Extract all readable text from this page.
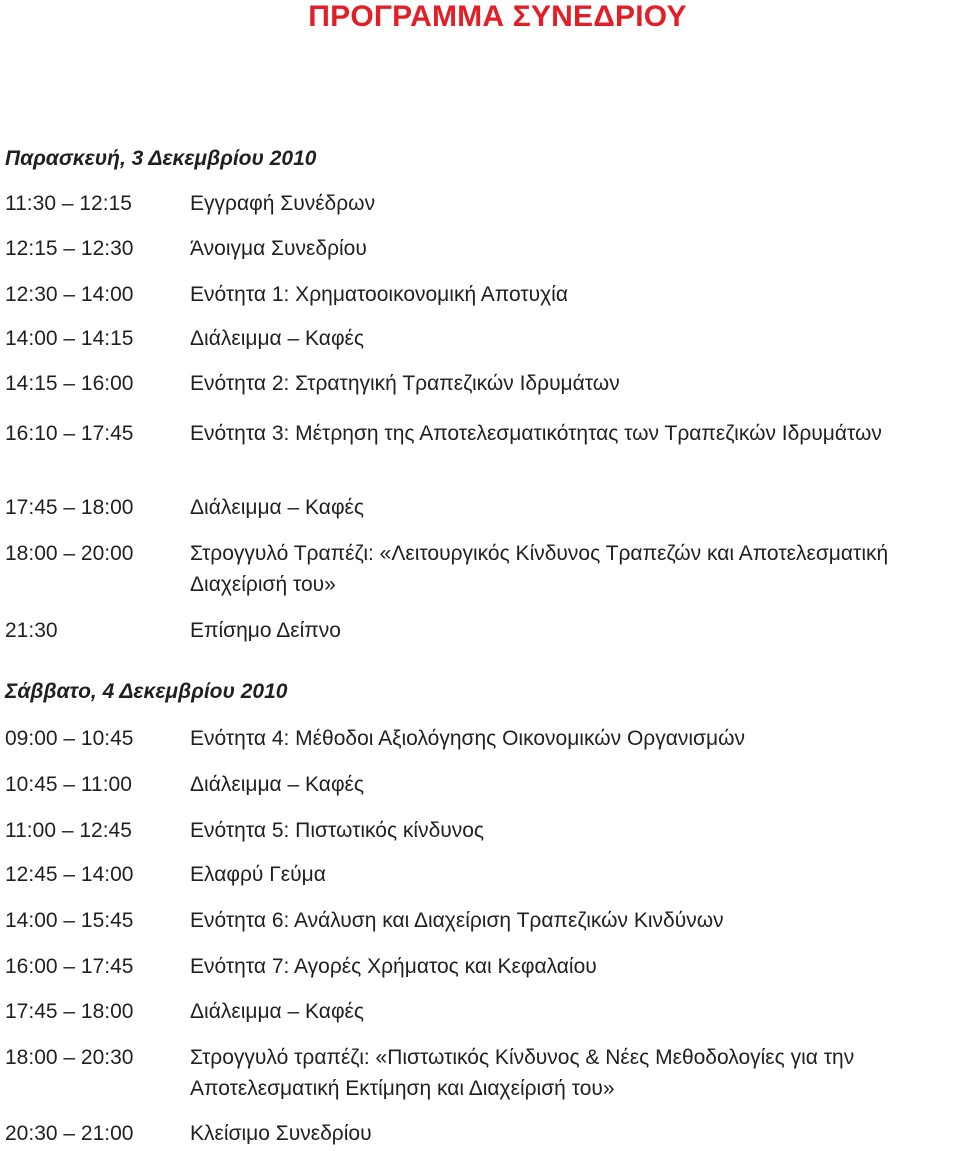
ΠΡΟΓΡΑΜΜΑ ΣΥΝΕΔΡΙΟΥ
Παρασκευή, 3 Δεκεμβρίου 2010
11:30 – 12:15	Εγγραφή Συνέδρων
12:15 – 12:30	Άνοιγμα Συνεδρίου
12:30 – 14:00	Ενότητα 1: Χρηματοοικονομική Αποτυχία
14:00 – 14:15	Διάλειμμα – Καφές
14:15 – 16:00	Ενότητα 2: Στρατηγική Τραπεζικών Ιδρυμάτων
16:10 – 17:45	Ενότητα 3: Μέτρηση της Αποτελεσματικότητας των Τραπεζικών Ιδρυμάτων
17:45 – 18:00	Διάλειμμα – Καφές
18:00 – 20:00	Στρογγυλό Τραπέζι: «Λειτουργικός Κίνδυνος Τραπεζών και Αποτελεσματική Διαχείρισή του»
21:30	Επίσημο Δείπνο
Σάββατο, 4 Δεκεμβρίου 2010
09:00 – 10:45	Ενότητα 4: Μέθοδοι Αξιολόγησης Οικονομικών Οργανισμών
10:45 – 11:00	Διάλειμμα – Καφές
11:00 – 12:45	Ενότητα 5: Πιστωτικός κίνδυνος
12:45 – 14:00	Ελαφρύ Γεύμα
14:00 – 15:45	Ενότητα 6: Ανάλυση και Διαχείριση Τραπεζικών Κινδύνων
16:00 – 17:45	Ενότητα 7: Αγορές Χρήματος και Κεφαλαίου
17:45 – 18:00	Διάλειμμα – Καφές
18:00 – 20:30	Στρογγυλό τραπέζι: «Πιστωτικός Κίνδυνος & Νέες Μεθοδολογίες για την Αποτελεσματική Εκτίμηση και Διαχείρισή του»
20:30 – 21:00	Κλείσιμο Συνεδρίου
